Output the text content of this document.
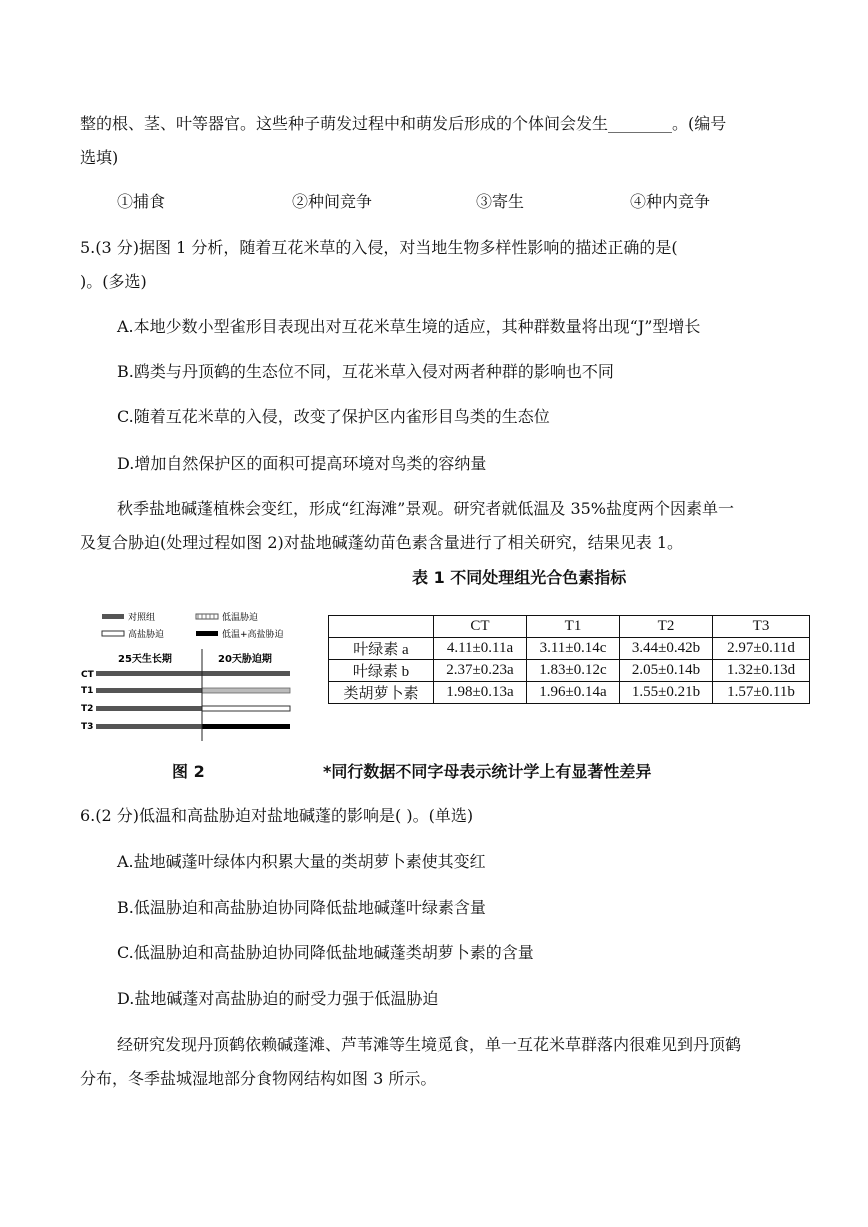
整的根、茎、叶等器官。这些种子萌发过程中和萌发后形成的个体间会发生________。(编号
选填)
①捕食	②种间竞争	③寄生	④种内竞争
5.(3 分)据图 1 分析，随着互花米草的入侵，对当地生物多样性影响的描述正确的是(
)。(多选)
A.本地少数小型雀形目表现出对互花米草生境的适应，其种群数量将出现“J”型增长
B.鸥类与丹顶鹤的生态位不同，互花米草入侵对两者种群的影响也不同
C.随着互花米草的入侵，改变了保护区内雀形目鸟类的生态位
D.增加自然保护区的面积可提高环境对鸟类的容纳量
秋季盐地碱蓬植株会变红，形成“红海滩”景观。研究者就低温及 35%盐度两个因素单一
及复合胁迫(处理过程如图 2)对盐地碱蓬幼苗色素含量进行了相关研究，结果见表 1。
表 1 不同处理组光合色素指标
对照组	低温胁迫
高盐胁迫	低温+高盐胁迫
25天生长期	20天胁迫期
CT
T1
T2
T3
	CT	T1	T2	T3
叶绿素 a	4.11±0.11a	3.11±0.14c	3.44±0.42b	2.97±0.11d
叶绿素 b	2.37±0.23a	1.83±0.12c	2.05±0.14b	1.32±0.13d
类胡萝卜素	1.98±0.13a	1.96±0.14a	1.55±0.21b	1.57±0.11b
图 2	*同行数据不同字母表示统计学上有显著性差异
6.(2 分)低温和高盐胁迫对盐地碱蓬的影响是( )。(单选)
A.盐地碱蓬叶绿体内积累大量的类胡萝卜素使其变红
B.低温胁迫和高盐胁迫协同降低盐地碱蓬叶绿素含量
C.低温胁迫和高盐胁迫协同降低盐地碱蓬类胡萝卜素的含量
D.盐地碱蓬对高盐胁迫的耐受力强于低温胁迫
经研究发现丹顶鹤依赖碱蓬滩、芦苇滩等生境觅食，单一互花米草群落内很难见到丹顶鹤
分布，冬季盐城湿地部分食物网结构如图 3 所示。
